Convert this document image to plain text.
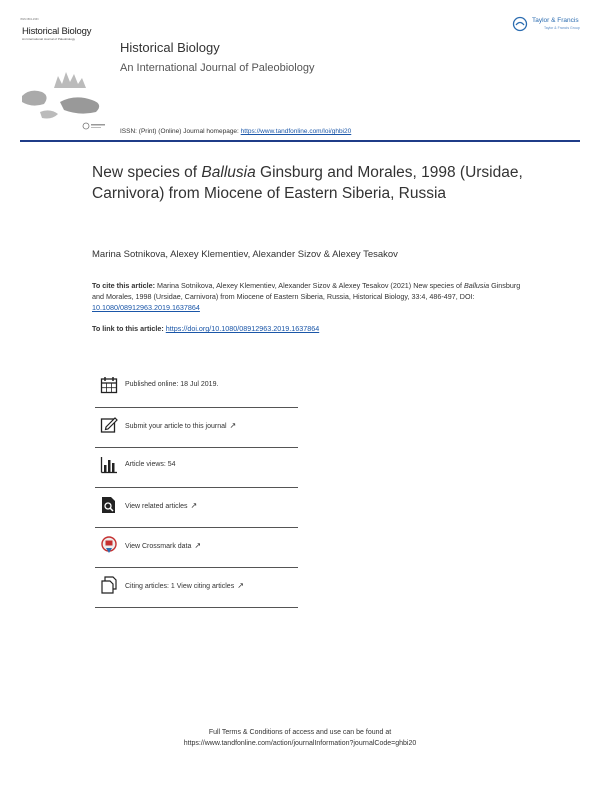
ISSN 0891-2963
Historical Biology
An International Journal of Paleobiology
Historical Biology
An International Journal of Paleobiology
Taylor & Francis
Taylor & Francis Group
ISSN: (Print) (Online) Journal homepage: https://www.tandfonline.com/loi/ghbi20
New species of Ballusia Ginsburg and Morales, 1998 (Ursidae, Carnivora) from Miocene of Eastern Siberia, Russia
Marina Sotnikova, Alexey Klementiev, Alexander Sizov & Alexey Tesakov
To cite this article: Marina Sotnikova, Alexey Klementiev, Alexander Sizov & Alexey Tesakov (2021) New species of Ballusia Ginsburg and Morales, 1998 (Ursidae, Carnivora) from Miocene of Eastern Siberia, Russia, Historical Biology, 33:4, 486-497, DOI: 10.1080/08912963.2019.1637864
To link to this article: https://doi.org/10.1080/08912963.2019.1637864
Published online: 18 Jul 2019.
Submit your article to this journal ↗
Article views: 54
View related articles ↗
View Crossmark data ↗
Citing articles: 1 View citing articles ↗
Full Terms & Conditions of access and use can be found at
https://www.tandfonline.com/action/journalInformation?journalCode=ghbi20
